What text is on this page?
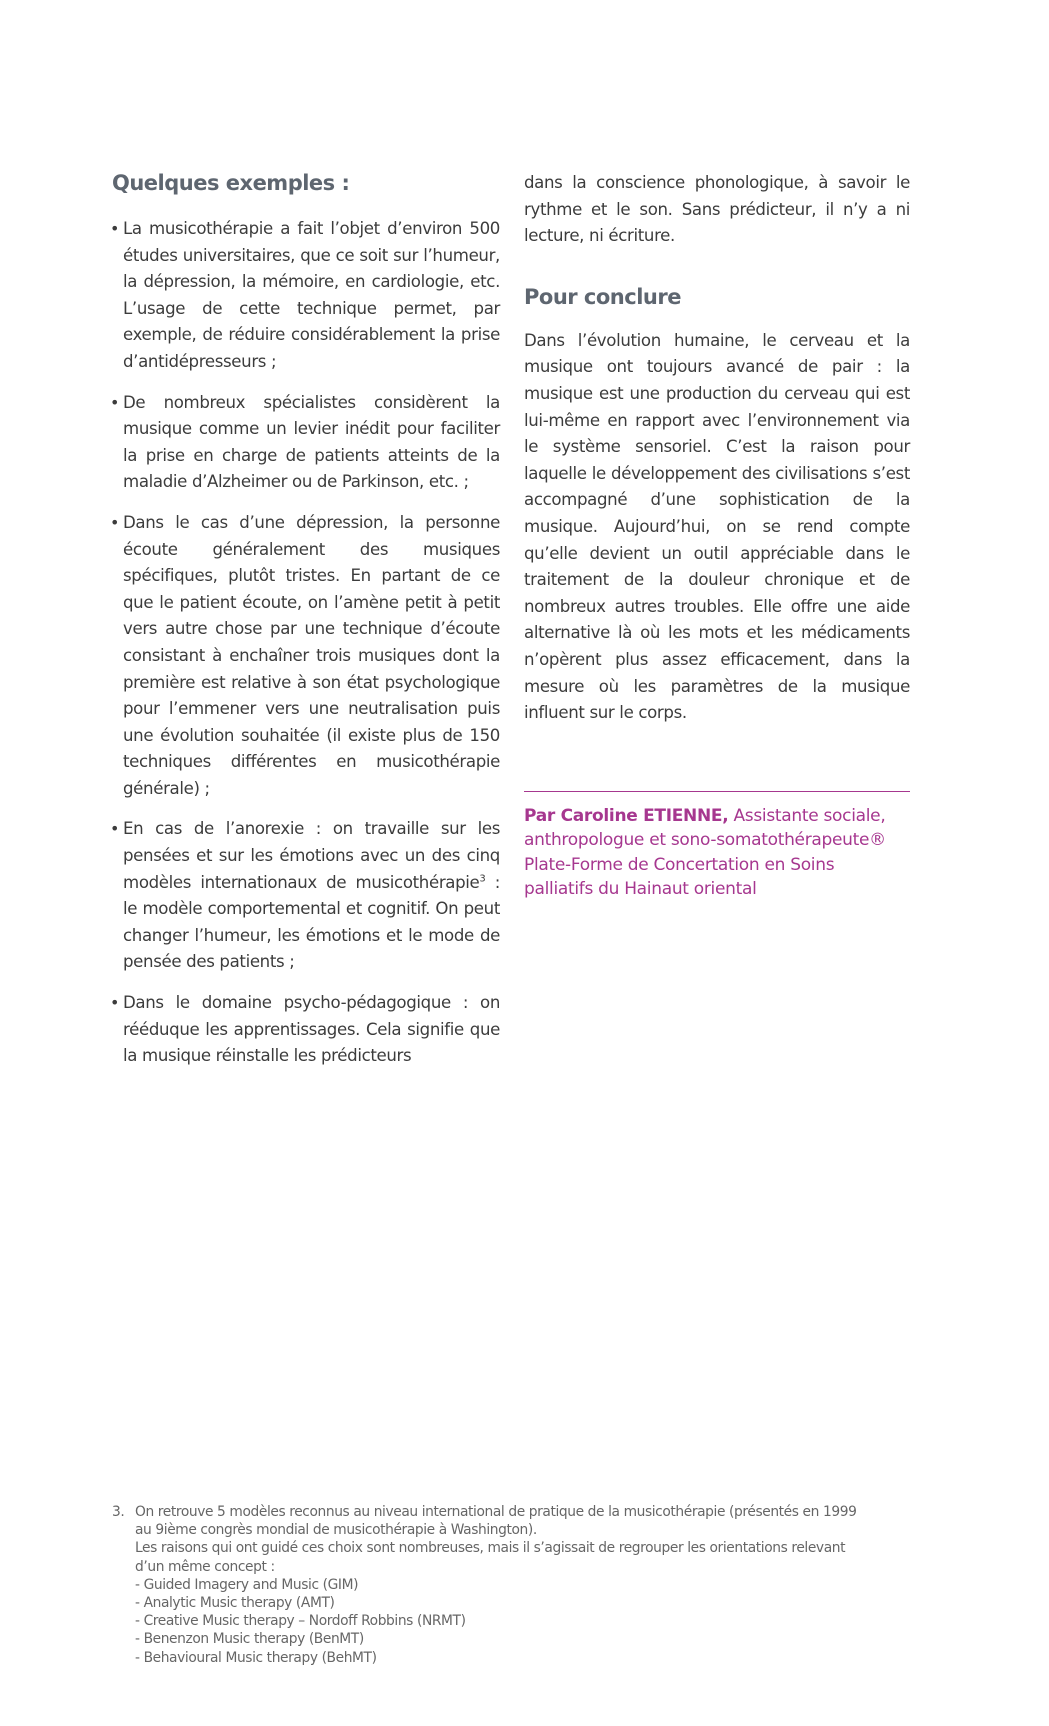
Quelques exemples :
• La musicothérapie a fait l’objet d’environ 500 études universitaires, que ce soit sur l’humeur, la dépression, la mémoire, en cardiologie, etc. L’usage de cette technique permet, par exemple, de réduire considérablement la prise d’antidépresseurs ;
• De nombreux spécialistes considèrent la musique comme un levier inédit pour faciliter la prise en charge de patients atteints de la maladie d’Alzheimer ou de Parkinson, etc. ;
• Dans le cas d’une dépression, la personne écoute généralement des musiques spécifiques, plutôt tristes. En partant de ce que le patient écoute, on l’amène petit à petit vers autre chose par une technique d’écoute consistant à enchaîner trois musiques dont la première est relative à son état psychologique pour l’emmener vers une neutralisation puis une évolution souhaitée (il existe plus de 150 techniques différentes en musicothérapie générale) ;
• En cas de l’anorexie : on travaille sur les pensées et sur les émotions avec un des cinq modèles internationaux de musicothérapie$^3$ : le modèle comportemental et cognitif. On peut changer l’humeur, les émotions et le mode de pensée des patients ;
• Dans le domaine psycho-pédagogique : on rééduque les apprentissages. Cela signifie que la musique réinstalle les prédicteurs

dans la conscience phonologique, à savoir le rythme et le son. Sans prédicteur, il n’y a ni lecture, ni écriture.

Pour conclure

Dans l’évolution humaine, le cerveau et la musique ont toujours avancé de pair : la musique est une production du cerveau qui est lui-même en rapport avec l’environnement via le système sensoriel. C’est la raison pour laquelle le développement des civilisations s’est accompagné d’une sophistication de la musique. Aujourd’hui, on se rend compte qu’elle devient un outil appréciable dans le traitement de la douleur chronique et de nombreux autres troubles. Elle offre une aide alternative là où les mots et les médicaments n’opèrent plus assez efficacement, dans la mesure où les paramètres de la musique influent sur le corps.

Par Caroline ETIENNE, Assistante sociale,

anthropologue et sono-somatothérapeute®

Plate-Forme de Concertation en Soins

palliatifs du Hainaut oriental

3. On retrouve 5 modèles reconnus au niveau international de pratique de la musicothérapie (présentés en 1999
au 9ième congrès mondial de musicothérapie à Washington).
Les raisons qui ont guidé ces choix sont nombreuses, mais il s’agissait de regrouper les orientations relevant
d’un même concept :
- Guided Imagery and Music (GIM)
- Analytic Music therapy (AMT)
- Creative Music therapy – Nordoff Robbins (NRMT)
- Benenzon Music therapy (BenMT)
- Behavioural Music therapy (BehMT)
